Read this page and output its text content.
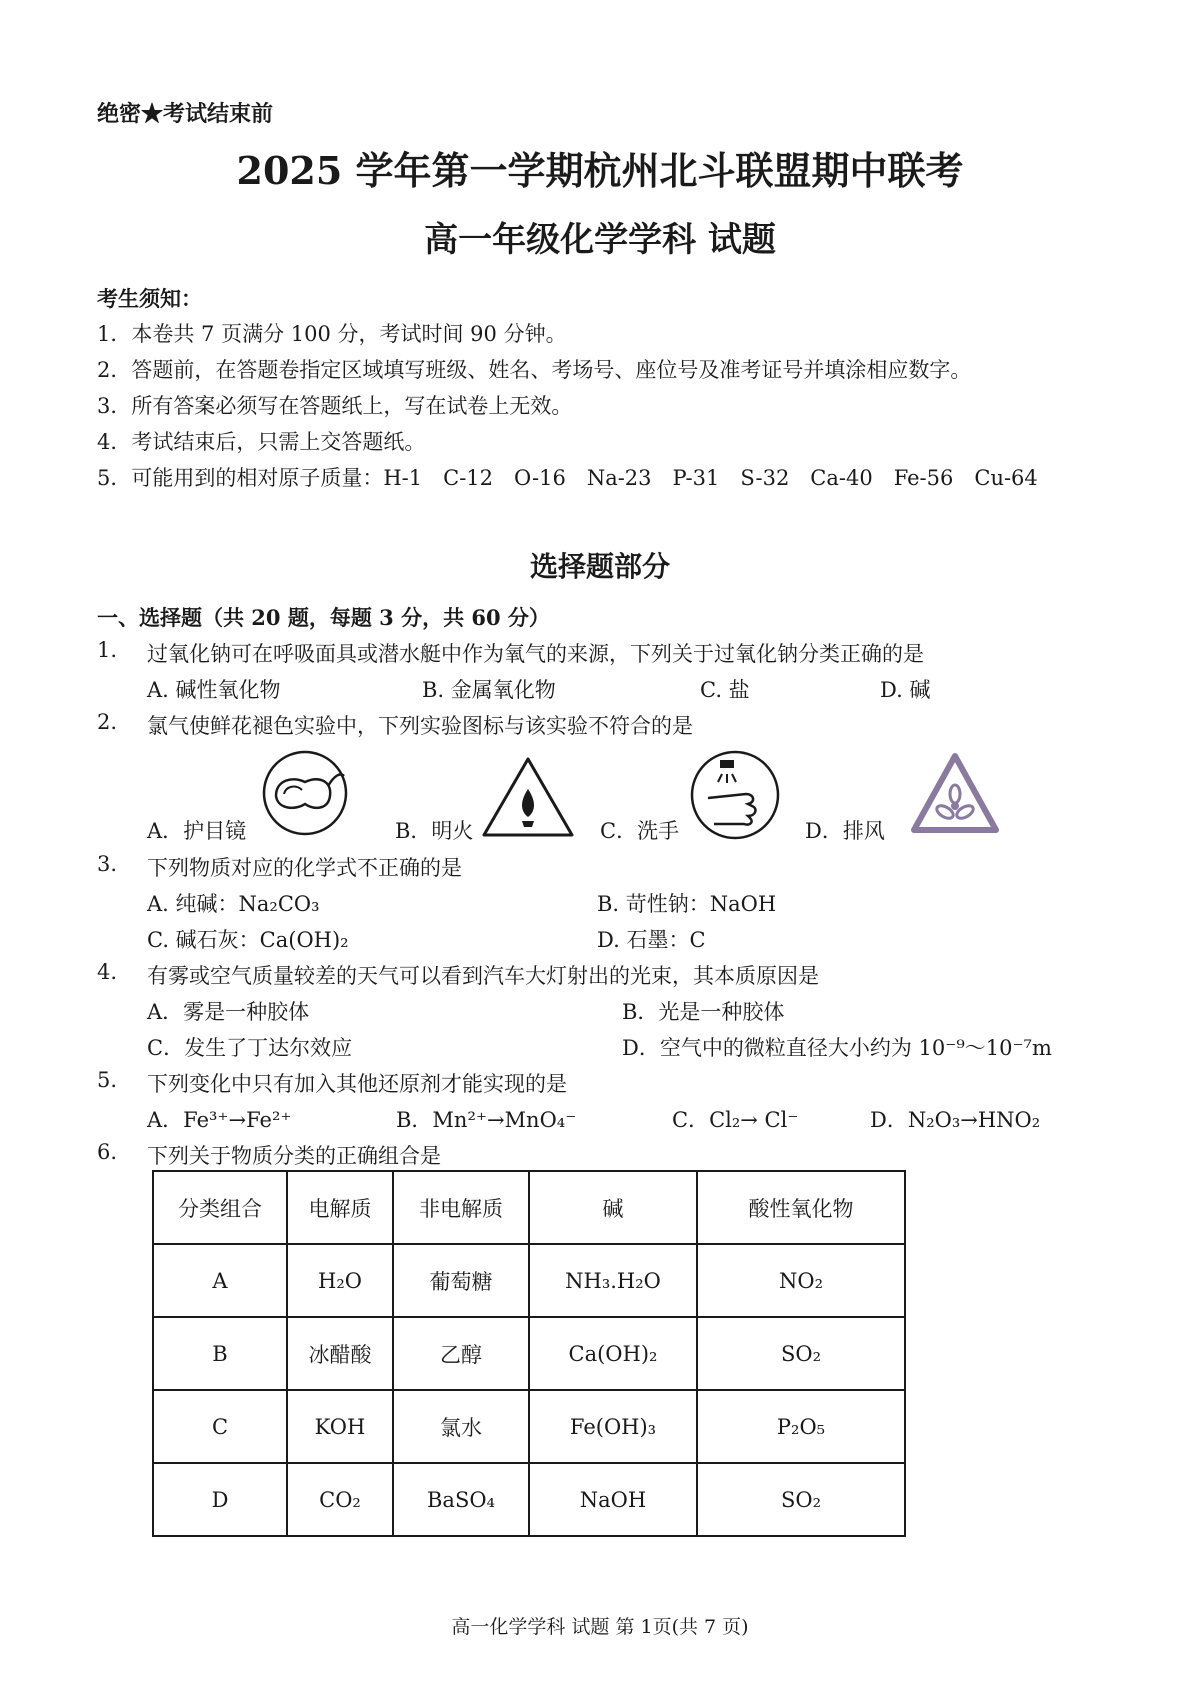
绝密★考试结束前
2025 学年第一学期杭州北斗联盟期中联考
高一年级化学学科 试题
考生须知：
1．本卷共 7 页满分 100 分，考试时间 90 分钟。
2．答题前，在答题卷指定区域填写班级、姓名、考场号、座位号及准考证号并填涂相应数字。
3．所有答案必须写在答题纸上，写在试卷上无效。
4．考试结束后，只需上交答题纸。
5．可能用到的相对原子质量：H-1　C-12　O-16　Na-23　P-31　S-32　Ca-40　Fe-56　Cu-64
选择题部分
一、选择题（共 20 题，每题 3 分，共 60 分）
1. 过氧化钠可在呼吸面具或潜水艇中作为氧气的来源，下列关于过氧化钠分类正确的是
A. 碱性氧化物	B. 金属氧化物	C. 盐	D. 碱
2. 氯气使鲜花褪色实验中，下列实验图标与该实验不符合的是
A．护目镜	B．明火	C．洗手	D．排风
3. 下列物质对应的化学式不正确的是
A. 纯碱：Na₂CO₃	B. 苛性钠：NaOH
C. 碱石灰：Ca(OH)₂	D. 石墨：C
4. 有雾或空气质量较差的天气可以看到汽车大灯射出的光束，其本质原因是
A．雾是一种胶体	B．光是一种胶体
C．发生了丁达尔效应	D．空气中的微粒直径大小约为 10⁻⁹～10⁻⁷m
5. 下列变化中只有加入其他还原剂才能实现的是
A．Fe³⁺→Fe²⁺	B．Mn²⁺→MnO₄⁻	C．Cl₂→ Cl⁻	D．N₂O₃→HNO₂
6. 下列关于物质分类的正确组合是
分类组合	电解质	非电解质	碱	酸性氧化物
A	H₂O	葡萄糖	NH₃.H₂O	NO₂
B	冰醋酸	乙醇	Ca(OH)₂	SO₂
C	KOH	氯水	Fe(OH)₃	P₂O₅
D	CO₂	BaSO₄	NaOH	SO₂
高一化学学科 试题 第 1页(共 7 页)
